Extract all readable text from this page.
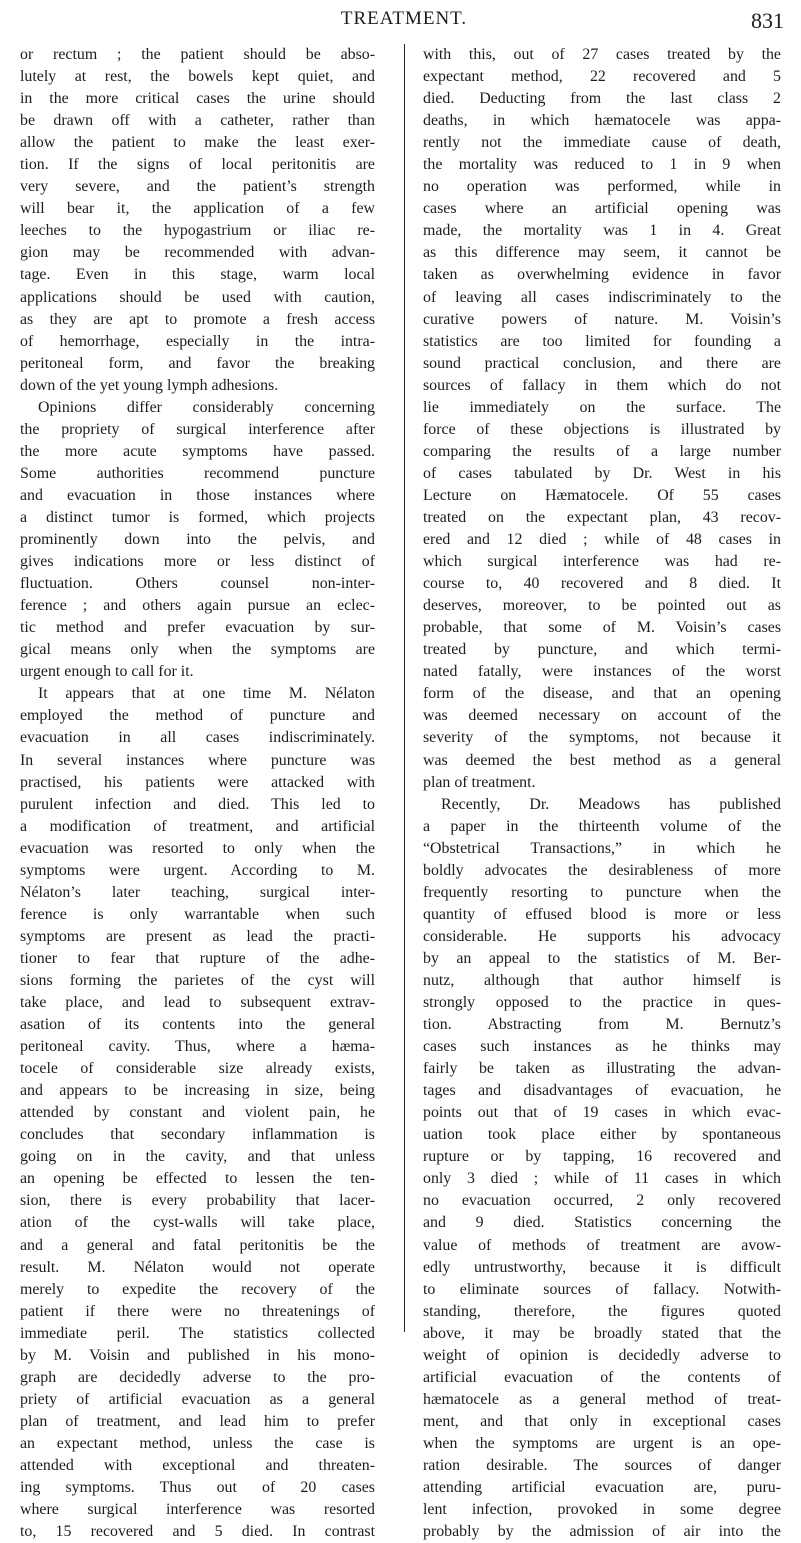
TREATMENT.	831
or rectum ; the patient should be abso-
lutely at rest, the bowels kept quiet, and
in the more critical cases the urine should
be drawn off with a catheter, rather than
allow the patient to make the least exer-
tion. If the signs of local peritonitis are
very severe, and the patient’s strength
will bear it, the application of a few
leeches to the hypogastrium or iliac re-
gion may be recommended with advan-
tage. Even in this stage, warm local
applications should be used with caution,
as they are apt to promote a fresh access
of hemorrhage, especially in the intra-
peritoneal form, and favor the breaking
down of the yet young lymph adhesions.
Opinions differ considerably concerning
the propriety of surgical interference after
the more acute symptoms have passed.
Some authorities recommend puncture
and evacuation in those instances where
a distinct tumor is formed, which projects
prominently down into the pelvis, and
gives indications more or less distinct of
fluctuation. Others counsel non-inter-
ference ; and others again pursue an eclec-
tic method and prefer evacuation by sur-
gical means only when the symptoms are
urgent enough to call for it.
It appears that at one time M. Nélaton
employed the method of puncture and
evacuation in all cases indiscriminately.
In several instances where puncture was
practised, his patients were attacked with
purulent infection and died. This led to
a modification of treatment, and artificial
evacuation was resorted to only when the
symptoms were urgent. According to M.
Nélaton’s later teaching, surgical inter-
ference is only warrantable when such
symptoms are present as lead the practi-
tioner to fear that rupture of the adhe-
sions forming the parietes of the cyst will
take place, and lead to subsequent extrav-
asation of its contents into the general
peritoneal cavity. Thus, where a hæma-
tocele of considerable size already exists,
and appears to be increasing in size, being
attended by constant and violent pain, he
concludes that secondary inflammation is
going on in the cavity, and that unless
an opening be effected to lessen the ten-
sion, there is every probability that lacer-
ation of the cyst-walls will take place,
and a general and fatal peritonitis be the
result. M. Nélaton would not operate
merely to expedite the recovery of the
patient if there were no threatenings of
immediate peril. The statistics collected
by M. Voisin and published in his mono-
graph are decidedly adverse to the pro-
priety of artificial evacuation as a general
plan of treatment, and lead him to prefer
an expectant method, unless the case is
attended with exceptional and threaten-
ing symptoms. Thus out of 20 cases
where surgical interference was resorted
to, 15 recovered and 5 died. In contrast
with this, out of 27 cases treated by the
expectant method, 22 recovered and 5
died. Deducting from the last class 2
deaths, in which hæmatocele was appa-
rently not the immediate cause of death,
the mortality was reduced to 1 in 9 when
no operation was performed, while in
cases where an artificial opening was
made, the mortality was 1 in 4. Great
as this difference may seem, it cannot be
taken as overwhelming evidence in favor
of leaving all cases indiscriminately to the
curative powers of nature. M. Voisin’s
statistics are too limited for founding a
sound practical conclusion, and there are
sources of fallacy in them which do not
lie immediately on the surface. The
force of these objections is illustrated by
comparing the results of a large number
of cases tabulated by Dr. West in his
Lecture on Hæmatocele. Of 55 cases
treated on the expectant plan, 43 recov-
ered and 12 died ; while of 48 cases in
which surgical interference was had re-
course to, 40 recovered and 8 died. It
deserves, moreover, to be pointed out as
probable, that some of M. Voisin’s cases
treated by puncture, and which termi-
nated fatally, were instances of the worst
form of the disease, and that an opening
was deemed necessary on account of the
severity of the symptoms, not because it
was deemed the best method as a general
plan of treatment.
Recently, Dr. Meadows has published
a paper in the thirteenth volume of the
“Obstetrical Transactions,” in which he
boldly advocates the desirableness of more
frequently resorting to puncture when the
quantity of effused blood is more or less
considerable. He supports his advocacy
by an appeal to the statistics of M. Ber-
nutz, although that author himself is
strongly opposed to the practice in ques-
tion. Abstracting from M. Bernutz’s
cases such instances as he thinks may
fairly be taken as illustrating the advan-
tages and disadvantages of evacuation, he
points out that of 19 cases in which evac-
uation took place either by spontaneous
rupture or by tapping, 16 recovered and
only 3 died ; while of 11 cases in which
no evacuation occurred, 2 only recovered
and 9 died. Statistics concerning the
value of methods of treatment are avow-
edly untrustworthy, because it is difficult
to eliminate sources of fallacy. Notwith-
standing, therefore, the figures quoted
above, it may be broadly stated that the
weight of opinion is decidedly adverse to
artificial evacuation of the contents of
hæmatocele as a general method of treat-
ment, and that only in exceptional cases
when the symptoms are urgent is an ope-
ration desirable. The sources of danger
attending artificial evacuation are, puru-
lent infection, provoked in some degree
probably by the admission of air into the
